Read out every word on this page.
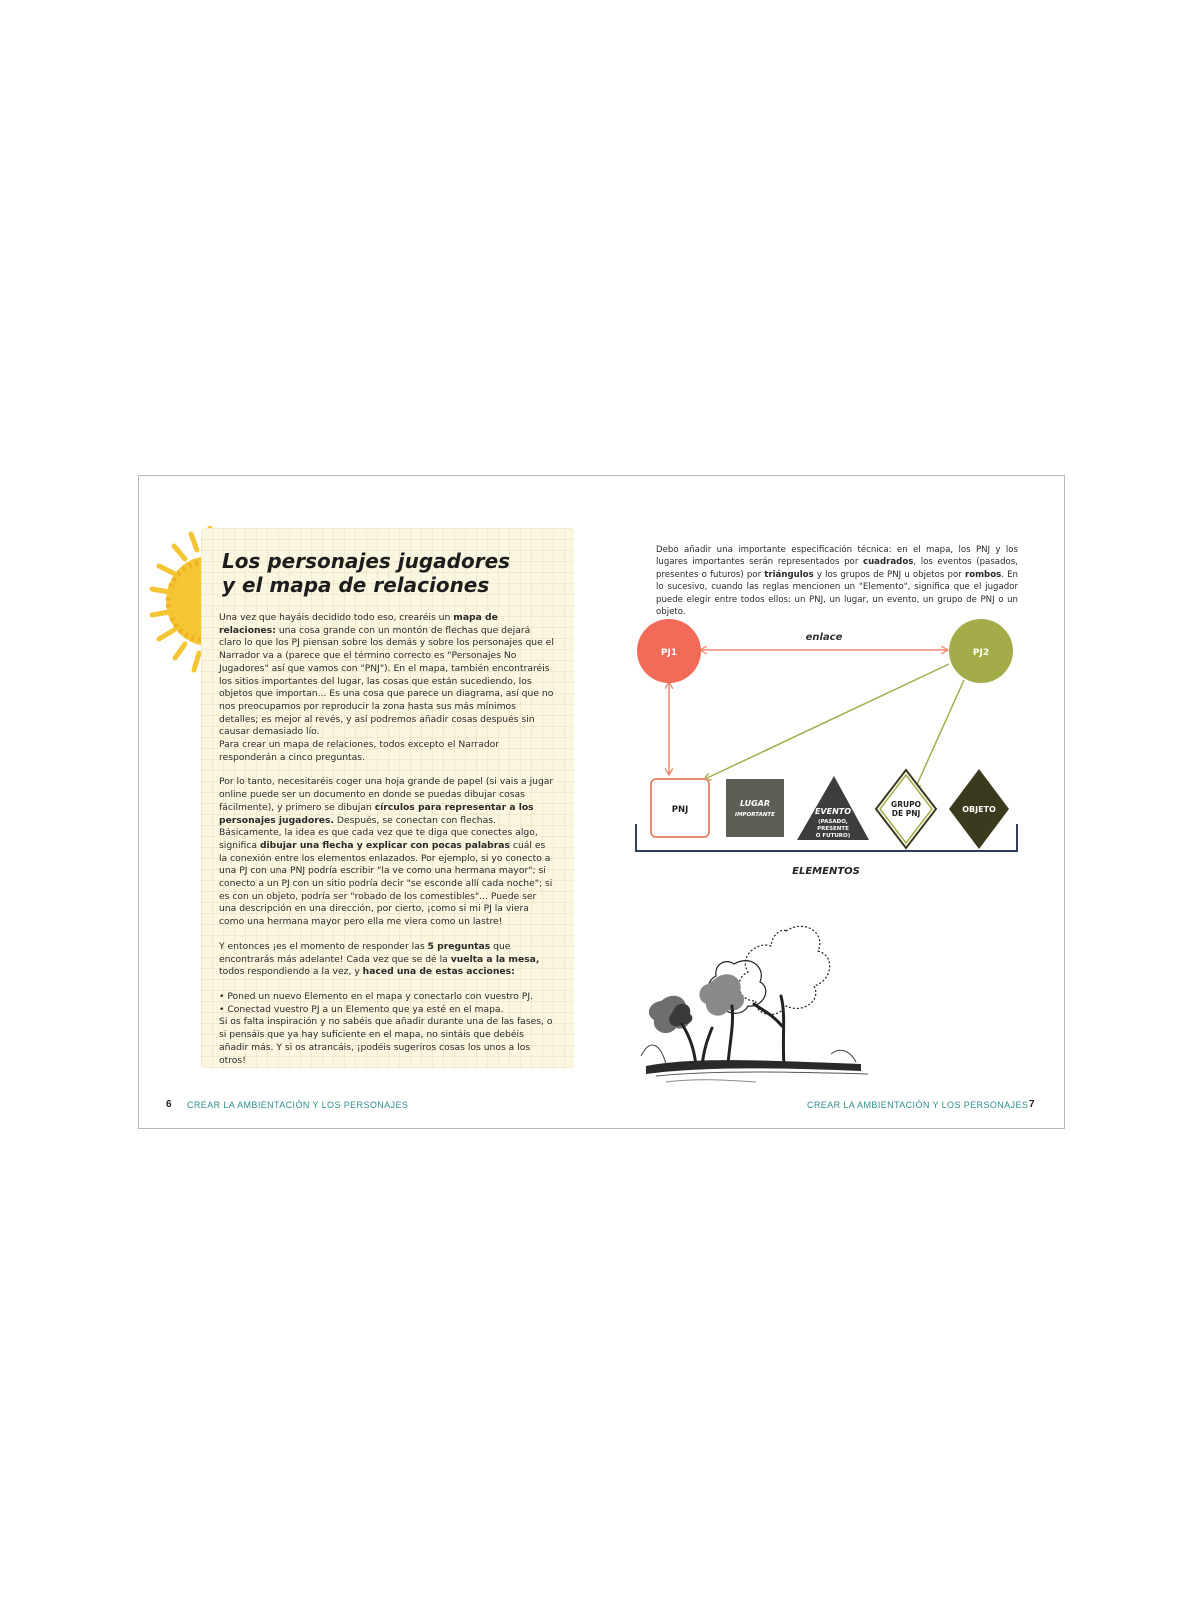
Los personajes jugadores
y el mapa de relaciones

Una vez que hayáis decidido todo eso, crearéis un mapa de relaciones: una cosa grande con un montón de flechas que dejará claro lo que los PJ piensan sobre los demás y sobre los personajes que el Narrador va a (parece que el término correcto es "Personajes No Jugadores" así que vamos con "PNJ"). En el mapa, también encontraréis los sitios importantes del lugar, las cosas que están sucediendo, los objetos que importan... Es una cosa que parece un diagrama, así que no nos preocupamos por reproducir la zona hasta sus más mínimos detalles; es mejor al revés, y así podremos añadir cosas después sin causar demasiado lío.
Para crear un mapa de relaciones, todos excepto el Narrador responderán a cinco preguntas.

Por lo tanto, necesitaréis coger una hoja grande de papel (si vais a jugar online puede ser un documento en donde se puedas dibujar cosas fácilmente), y primero se dibujan círculos para representar a los personajes jugadores. Después, se conectan con flechas. Básicamente, la idea es que cada vez que te diga que conectes algo, significa dibujar una flecha y explicar con pocas palabras cuál es la conexión entre los elementos enlazados. Por ejemplo, si yo conecto a una PJ con una PNJ podría escribir "la ve como una hermana mayor"; si conecto a un PJ con un sitio podría decir "se esconde allí cada noche"; si es con un objeto, podría ser "robado de los comestibles"... Puede ser una descripción en una dirección, por cierto, ¡como si mi PJ la viera como una hermana mayor pero ella me viera como un lastre!

Y entonces ¡es el momento de responder las 5 preguntas que encontrarás más adelante! Cada vez que se dé la vuelta a la mesa, todos respondiendo a la vez, y haced una de estas acciones:

• Poned un nuevo Elemento en el mapa y conectarlo con vuestro PJ.
• Conectad vuestro PJ a un Elemento que ya esté en el mapa.
Si os falta inspiración y no sabéis que añadir durante una de las fases, o si pensáis que ya hay suficiente en el mapa, no sintáis que debéis añadir más. Y si os atrancáis, ¡podéis sugeriros cosas los unos a los otros!

6 CREAR LA AMBIENTACIÓN Y LOS PERSONAJES

Debo añadir una importante especificación técnica: en el mapa, los PNJ y los lugares importantes serán representados por cuadrados, los eventos (pasados, presentes o futuros) por triángulos y los grupos de PNJ u objetos por rombos. En lo sucesivo, cuando las reglas mencionen un "Elemento", significa que el jugador puede elegir entre todos ellos: un PNJ, un lugar, un evento, un grupo de PNJ o un objeto.

enlace
PJ1	PJ2
PNJ
LUGAR
IMPORTANTE	EVENTO
(PASADO,
PRESENTE
O FUTURO)
GRUPO
DE PNJ	OBJETO
ELEMENTOS
CREAR LA AMBIENTACIÓN Y LOS PERSONAJES 7
